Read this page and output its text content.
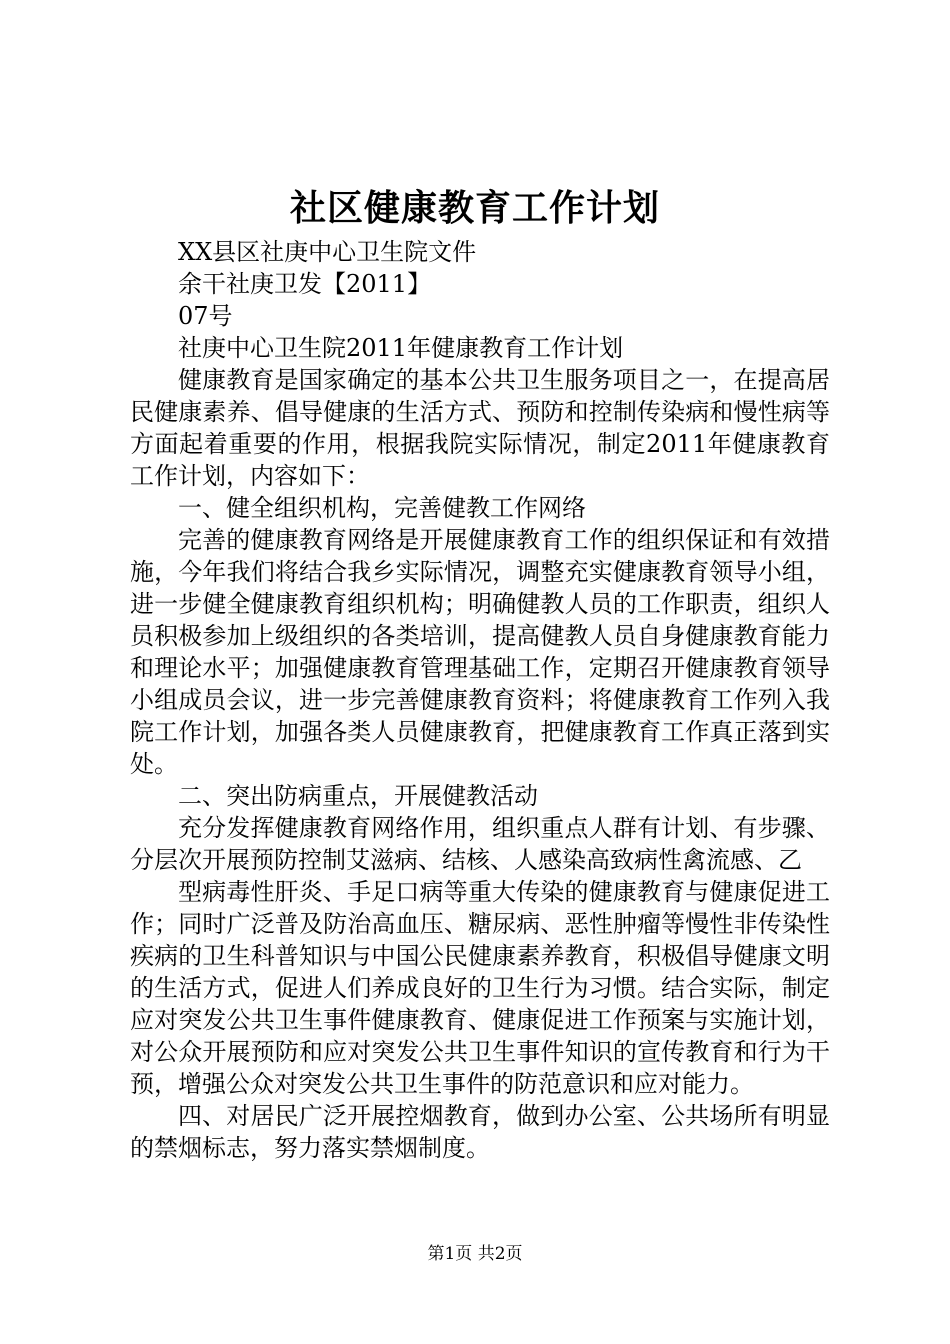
社区健康教育工作计划
XX县区社庚中心卫生院文件
余干社庚卫发【2011】
07号
社庚中心卫生院2011年健康教育工作计划

健康教育是国家确定的基本公共卫生服务项目之一，在提高居民健康素养、倡导健康的生活方式、预防和控制传染病和慢性病等方面起着重要的作用，根据我院实际情况，制定2011年健康教育工作计划，内容如下：

一、健全组织机构，完善健教工作网络

完善的健康教育网络是开展健康教育工作的组织保证和有效措施，今年我们将结合我乡实际情况，调整充实健康教育领导小组，进一步健全健康教育组织机构；明确健教人员的工作职责，组织人员积极参加上级组织的各类培训，提高健教人员自身健康教育能力和理论水平；加强健康教育管理基础工作，定期召开健康教育领导小组成员会议，进一步完善健康教育资料；将健康教育工作列入我院工作计划，加强各类人员健康教育，把健康教育工作真正落到实处。

二、突出防病重点，开展健教活动

充分发挥健康教育网络作用，组织重点人群有计划、有步骤、分层次开展预防控制艾滋病、结核、人感染高致病性禽流感、乙

型病毒性肝炎、手足口病等重大传染的健康教育与健康促进工作；同时广泛普及防治高血压、糖尿病、恶性肿瘤等慢性非传染性疾病的卫生科普知识与中国公民健康素养教育，积极倡导健康文明的生活方式，促进人们养成良好的卫生行为习惯。结合实际，制定应对突发公共卫生事件健康教育、健康促进工作预案与实施计划，对公众开展预防和应对突发公共卫生事件知识的宣传教育和行为干预，增强公众对突发公共卫生事件的防范意识和应对能力。

四、对居民广泛开展控烟教育，做到办公室、公共场所有明显的禁烟标志，努力落实禁烟制度。

第1页 共2页
